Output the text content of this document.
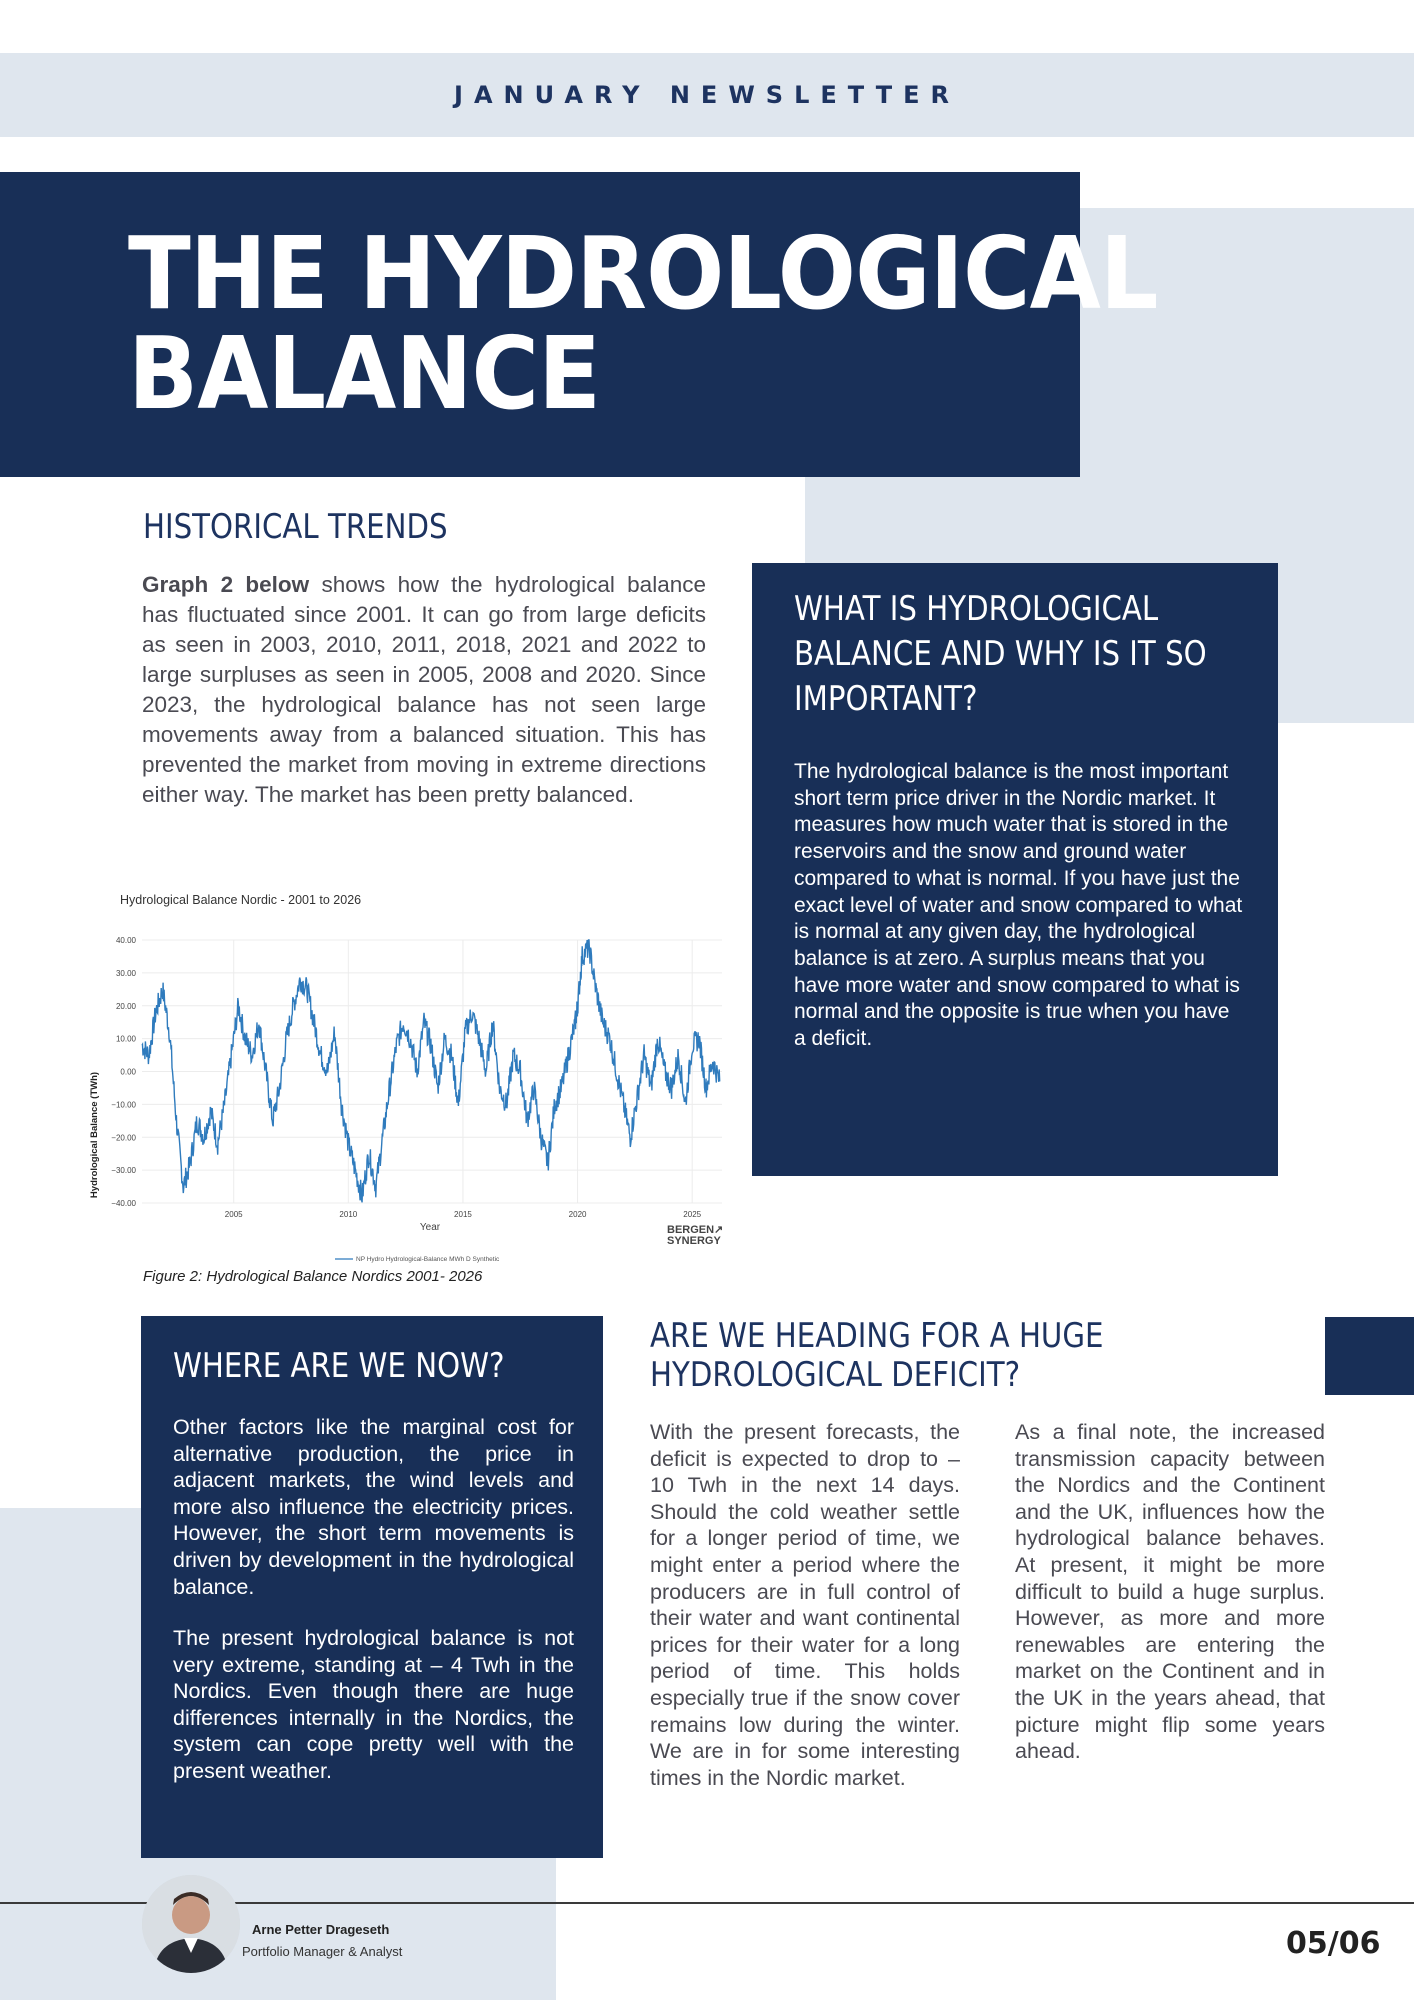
JANUARY NEWSLETTER
THE HYDROLOGICAL
BALANCE
HISTORICAL TRENDS
Graph 2 below shows how the hydrological balance has fluctuated since 2001. It can go from large deficits as seen in 2003, 2010, 2011, 2018, 2021 and 2022 to large surpluses as seen in 2005, 2008 and 2020. Since 2023, the hydrological balance has not seen large movements away from a balanced situation. This has prevented the market from moving in extreme directions either way. The market has been pretty balanced.
Hydrological Balance Nordic - 2001 to 2026
40.00
30.00
20.00
10.00
0.00
−10.00
−20.00
−30.00
−40.00
2005	2010	2015	2020	2025
Hydrological Balance (TWh)
Year
NP Hydro Hydrological-Balance MWh D Synthetic
BERGEN↗
SYNERGY
Figure 2: Hydrological Balance Nordics 2001- 2026
WHAT IS HYDROLOGICAL
BALANCE AND WHY IS IT SO
IMPORTANT?
The hydrological balance is the most important short term price driver in the Nordic market. It measures how much water that is stored in the reservoirs and the snow and ground water compared to what is normal. If you have just the exact level of water and snow compared to what is normal at any given day, the hydrological balance is at zero. A surplus means that you have more water and snow compared to what is normal and the opposite is true when you have a deficit.
WHERE ARE WE NOW?
Other factors like the marginal cost for alternative production, the price in adjacent markets, the wind levels and more also influence the electricity prices. However, the short term movements is driven by development in the hydrological balance.
The present hydrological balance is not very extreme, standing at – 4 Twh in the Nordics. Even though there are huge differences internally in the Nordics, the system can cope pretty well with the present weather.
ARE WE HEADING FOR A HUGE
HYDROLOGICAL DEFICIT?
With the present forecasts, the deficit is expected to drop to – 10 Twh in the next 14 days. Should the cold weather settle for a longer period of time, we might enter a period where the producers are in full control of their water and want continental prices for their water for a long period of time. This holds especially true if the snow cover remains low during the winter. We are in for some interesting times in the Nordic market.
As a final note, the increased transmission capacity between the Nordics and the Continent and the UK, influences how the hydrological balance behaves. At present, it might be more difficult to build a huge surplus. However, as more and more renewables are entering the market on the Continent and in the UK in the years ahead, that picture might flip some years ahead.
Arne Petter Drageseth
Portfolio Manager & Analyst	05/06
